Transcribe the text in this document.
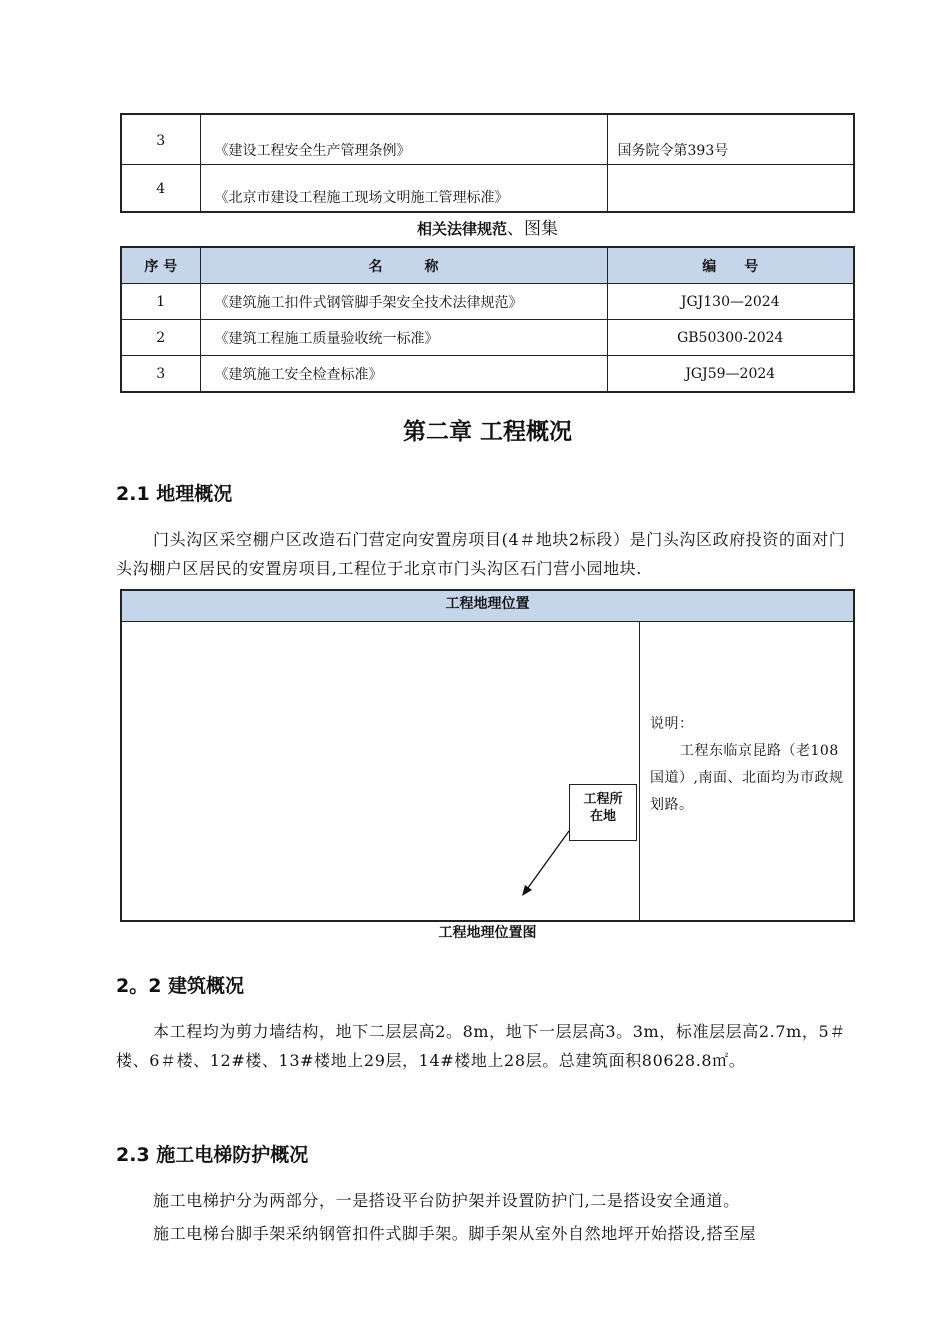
3	《建设工程安全生产管理条例》	国务院令第393号
4	《北京市建设工程施工现场文明施工管理标准》	
相关法律规范、图集
序 号	名　　　称	编　　号
1	《建筑施工扣件式钢管脚手架安全技术法律规范》	JGJ130—2024
2	《建筑工程施工质量验收统一标准》	GB50300-2024
3	《建筑施工安全检查标准》	JGJ59—2024
第二章 工程概况
2.1 地理概况
门头沟区采空棚户区改造石门营定向安置房项目(4＃地块2标段）是门头沟区政府投资的面对门头沟棚户区居民的安置房项目,工程位于北京市门头沟区石门营小园地块.
工程地理位置
工程所
在地
说明：
工程东临京昆路（老108国道）,南面、北面均为市政规划路。
工程地理位置图
2。2 建筑概况
本工程均为剪力墙结构，地下二层层高2。8m，地下一层层高3。3m，标准层层高2.7m，5＃楼、6＃楼、12#楼、13#楼地上29层，14#楼地上28层。总建筑面积80628.8㎡。
2.3 施工电梯防护概况
施工电梯护分为两部分，一是搭设平台防护架并设置防护门,二是搭设安全通道。
施工电梯台脚手架采纳钢管扣件式脚手架。脚手架从室外自然地坪开始搭设,搭至屋
